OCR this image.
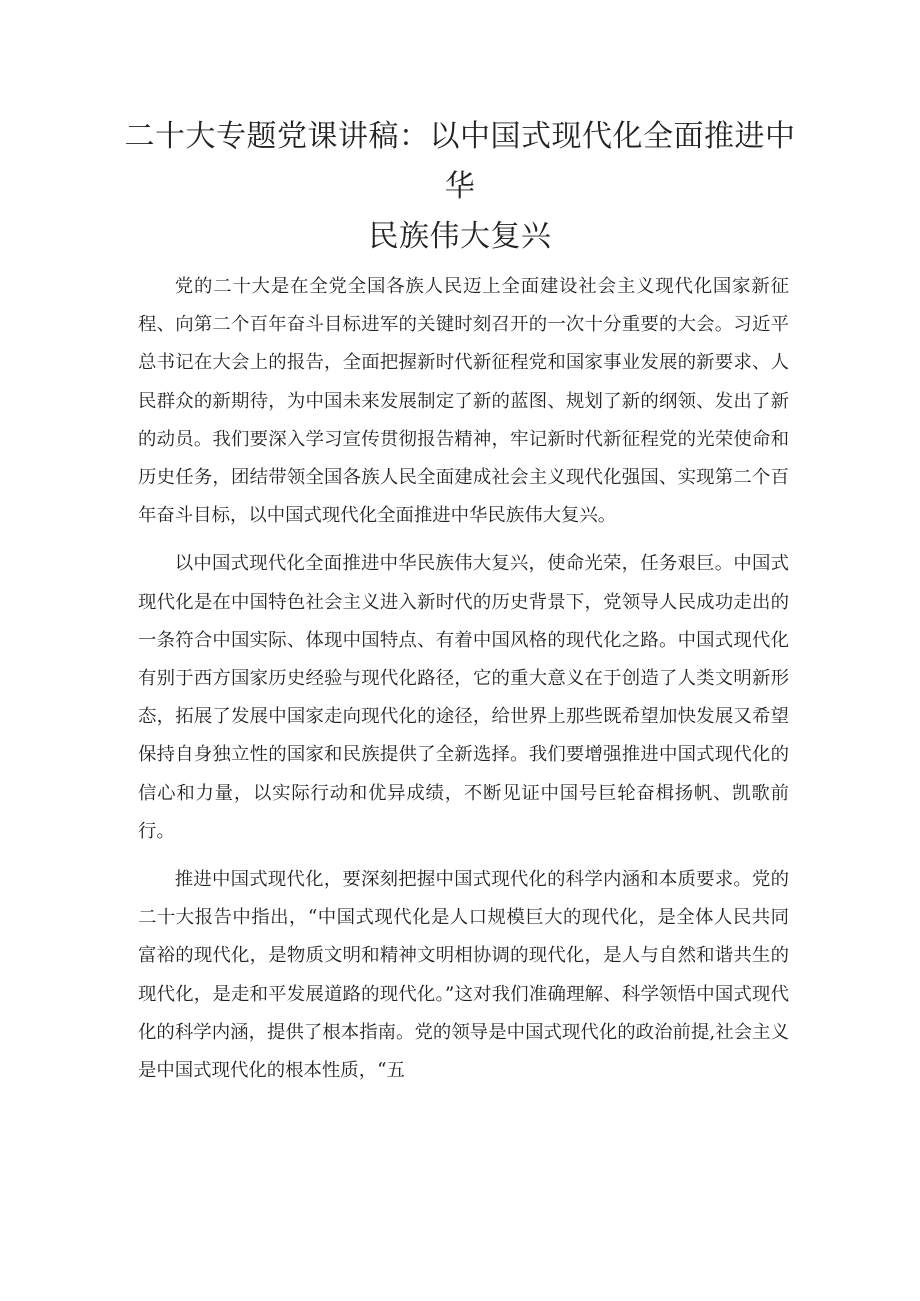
二十大专题党课讲稿：以中国式现代化全面推进中华
民族伟大复兴

党的二十大是在全党全国各族人民迈上全面建设社会主义现代化国家新征程、向第二个百年奋斗目标进军的关键时刻召开的一次十分重要的大会。习近平总书记在大会上的报告，全面把握新时代新征程党和国家事业发展的新要求、人民群众的新期待，为中国未来发展制定了新的蓝图、规划了新的纲领、发出了新的动员。我们要深入学习宣传贯彻报告精神，牢记新时代新征程党的光荣使命和历史任务，团结带领全国各族人民全面建成社会主义现代化强国、实现第二个百年奋斗目标，以中国式现代化全面推进中华民族伟大复兴。

以中国式现代化全面推进中华民族伟大复兴，使命光荣，任务艰巨。中国式现代化是在中国特色社会主义进入新时代的历史背景下，党领导人民成功走出的一条符合中国实际、体现中国特点、有着中国风格的现代化之路。中国式现代化有别于西方国家历史经验与现代化路径，它的重大意义在于创造了人类文明新形态，拓展了发展中国家走向现代化的途径，给世界上那些既希望加快发展又希望保持自身独立性的国家和民族提供了全新选择。我们要增强推进中国式现代化的信心和力量，以实际行动和优异成绩，不断见证中国号巨轮奋楫扬帆、凯歌前行。

推进中国式现代化，要深刻把握中国式现代化的科学内涵和本质要求。党的二十大报告中指出，“中国式现代化是人口规模巨大的现代化，是全体人民共同富裕的现代化，是物质文明和精神文明相协调的现代化，是人与自然和谐共生的现代化，是走和平发展道路的现代化。”这对我们准确理解、科学领悟中国式现代化的科学内涵，提供了根本指南。党的领导是中国式现代化的政治前提,社会主义是中国式现代化的根本性质，“五
